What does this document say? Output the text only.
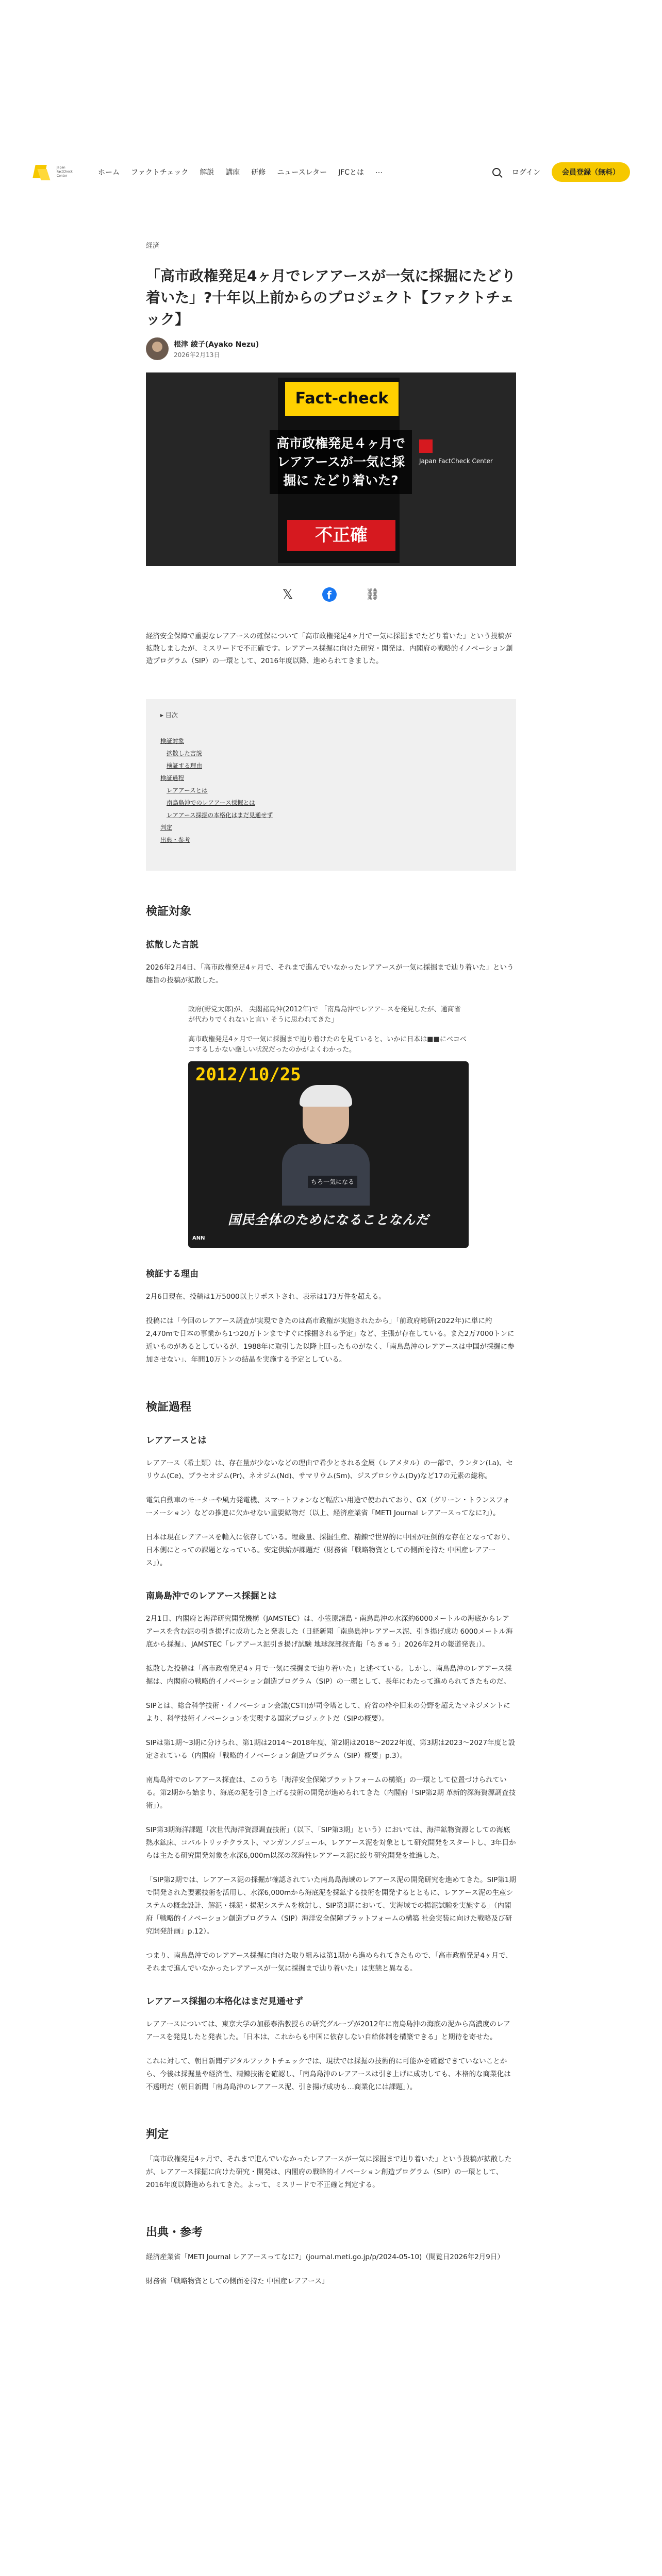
Japan FactCheck Center	ホーム ファクトチェック 解説 講座 研修 ニュースレター JFCとは …	ログイン	会員登録（無料）
経済
「高市政権発足4ヶ月でレアアースが一気に採掘にたどり着いた」?十年以上前からのプロジェクト【ファクトチェック】
根津 綾子(Ayako Nezu)
2026年2月13日
Fact-check
高市政権発足４ヶ月で レアアースが一気に採掘に たどり着いた?
不正確

Japan FactCheck Center
𝕏	f	⛓

経済安全保障で重要なレアアースの確保について「高市政権発足4ヶ月で一気に採掘までたどり着いた」という投稿が拡散しましたが、ミスリードで不正確です。レアアース採掘に向けた研究・開発は、内閣府の戦略的イノベーション創造プログラム（SIP）の一環として、2016年度以降、進められてきました。

▸ 目次
検証対象
拡散した言説
検証する理由
検証過程
レアアースとは
南鳥島沖でのレアアース採掘とは
レアアース採掘の本格化はまだ見通せず
判定
出典・参考
検証対象
拡散した言説

2026年2月4日、「高市政権発足4ヶ月で、それまで進んでいなかったレアアースが一気に採掘まで辿り着いた」という趣旨の投稿が拡散した。

政府(野党太郎)が、 尖閣諸島沖(2012年)で 「南鳥島沖でレアアースを発見したが、通商省が代わりでくれないと言い そうに思われてきた」

高市政権発足4ヶ月で一気に採掘まで辿り着けたのを見ていると、いかに日本は■■にベコベコするしかない厳しい状況だったのかがよくわかった。

2012/10/25
ちろ一気になる
国民全体のためになることなんだ
ANN
検証する理由

2月6日現在、投稿は1万5000以上リポストされ、表示は173万件を超える。

投稿には「今回のレアアース調査が実現できたのは高市政権が実施されたから」「前政府総研(2022年)に単に約2,470mで日本の事業から1つ20万トンまですぐに採掘される予定」など、主張が存在している。また2万7000トンに近いものがあるとしているが、1988年に取引した以降上回ったものがなく、「南鳥島沖のレアアースは中国が採掘に参加させない」、年間10万トンの結晶を実施する予定としている。

検証過程
レアアースとは

レアアース（希土類）は、存在量が少ないなどの理由で希少とされる金属（レアメタル）の一部で、ランタン(La)、セリウム(Ce)、プラセオジム(Pr)、ネオジム(Nd)、サマリウム(Sm)、ジスプロシウム(Dy)など17の元素の総称。

電気自動車のモーターや風力発電機、スマートフォンなど幅広い用途で使われており、GX（グリーン・トランスフォーメーション）などの推進に欠かせない重要鉱物だ（以上、経済産業省「METI Journal レアアースってなに?」）。

日本は現在レアアースを輸入に依存している。埋蔵量、採掘生産、精錬で世界的に中国が圧倒的な存在となっており、日本側にとっての課題となっている。安定供給が課題だ（財務省「戦略物資としての側面を持た 中国産レアアース」）。

南鳥島沖でのレアアース採掘とは

2月1日、内閣府と海洋研究開発機構（JAMSTEC）は、小笠原諸島・南鳥島沖の水深約6000メートルの海底からレアアースを含む泥の引き揚げに成功したと発表した（日経新聞「南鳥島沖レアアース泥、引き揚げ成功 6000メートル海底から採掘」、JAMSTEC「レアアース泥引き揚げ試験 地球深部探査船「ちきゅう」2026年2月の報道発表」）。

拡散した投稿は「高市政権発足4ヶ月で一気に採掘まで辿り着いた」と述べている。しかし、南鳥島沖のレアアース採掘は、内閣府の戦略的イノベーション創造プログラム（SIP）の一環として、長年にわたって進められてきたものだ。

SIPとは、総合科学技術・イノベーション会議(CSTI)が司令塔として、府省の枠や旧来の分野を超えたマネジメントにより、科学技術イノベーションを実現する国家プロジェクトだ（SIPの概要）。

SIPは第1期〜3期に分けられ、第1期は2014〜2018年度、第2期は2018〜2022年度、第3期は2023〜2027年度と設定されている（内閣府「戦略的イノベーション創造プログラム（SIP）概要」p.3）。

南鳥島沖でのレアアース探査は、このうち「海洋安全保障プラットフォームの構築」の一環として位置づけられている。第2期から始まり、海底の泥を引き上げる技術の開発が進められてきた（内閣府「SIP第2期 革新的深海資源調査技術」）。

SIP第3期海洋課題「次世代海洋資源調査技術」（以下、「SIP第3期」という）においては、海洋鉱物資源としての海底熱水鉱床、コバルトリッチクラスト、マンガンノジュール、レアアース泥を対象として研究開発をスタートし、3年目からは主たる研究開発対象を水深6,000m以深の深海性レアアース泥に絞り研究開発を推進した。

「SIP第2期では、レアアース泥の採掘が確認されていた南鳥島海域のレアアース泥の開発研究を進めてきた。SIP第1期で開発された要素技術を活用し、水深6,000mから海底泥を採鉱する技術を開発するとともに、レアアース泥の生産システムの概念設計、解泥・採泥・揚泥システムを検討し、SIP第3期において、実海域での揚泥試験を実施する」（内閣府「戦略的イノベーション創造プログラム（SIP）海洋安全保障プラットフォームの構築 社会実装に向けた戦略及び研究開発計画」p.12）。

つまり、南鳥島沖でのレアアース採掘に向けた取り組みは第1期から進められてきたもので、「高市政権発足4ヶ月で、それまで進んでいなかったレアアースが一気に採掘まで辿り着いた」は実態と異なる。

レアアース採掘の本格化はまだ見通せず

レアアースについては、東京大学の加藤泰浩教授らの研究グループが2012年に南鳥島沖の海底の泥から高濃度のレアアースを発見したと発表した。「日本は、これからも中国に依存しない自給体制を構築できる」と期待を寄せた。

これに対して、朝日新聞デジタルファクトチェックでは、現状では採掘の技術的に可能かを確認できていないことから、今後は採掘量や経済性、精錬技術を確認し、「南鳥島沖のレアアースは引き上げに成功しても、本格的な商業化は不透明だ（朝日新聞「南鳥島沖のレアアース泥、引き揚げ成功も…商業化には課題」）。

判定

「高市政権発足4ヶ月で、それまで進んでいなかったレアアースが一気に採掘まで辿り着いた」という投稿が拡散したが、レアアース採掘に向けた研究・開発は、内閣府の戦略的イノベーション創造プログラム（SIP）の一環として、2016年度以降進められてきた。よって、ミスリードで不正確と判定する。

出典・参考

経済産業省「METI Journal レアアースってなに?」(journal.meti.go.jp/p/2024-05-10)（閲覧日2026年2月9日）

財務省「戦略物資としての側面を持た 中国産レアアース」
